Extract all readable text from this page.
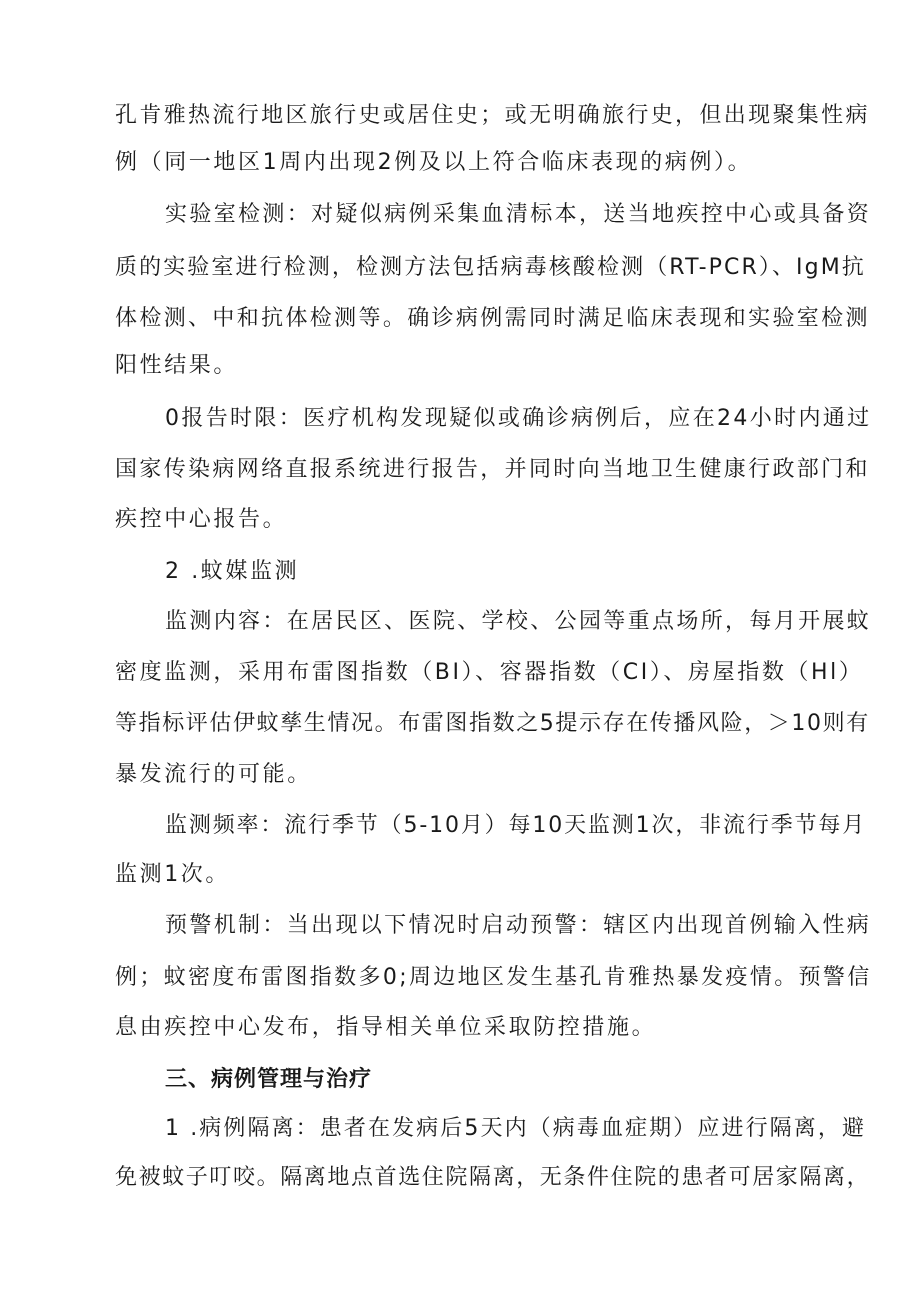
孔肯雅热流行地区旅行史或居住史；或无明确旅行史，但出现聚集性病
例（同一地区1周内出现2例及以上符合临床表现的病例）。
实验室检测：对疑似病例采集血清标本，送当地疾控中心或具备资
质的实验室进行检测，检测方法包括病毒核酸检测（RT-PCR）、IgM抗
体检测、中和抗体检测等。确诊病例需同时满足临床表现和实验室检测
阳性结果。
0报告时限：医疗机构发现疑似或确诊病例后，应在24小时内通过
国家传染病网络直报系统进行报告，并同时向当地卫生健康行政部门和
疾控中心报告。
2 .蚊媒监测
监测内容：在居民区、医院、学校、公园等重点场所，每月开展蚊
密度监测，采用布雷图指数（BI）、容器指数（CI）、房屋指数（Hl）
等指标评估伊蚊孳生情况。布雷图指数之5提示存在传播风险，＞10则有
暴发流行的可能。
监测频率：流行季节（5-10月）每10天监测1次，非流行季节每月
监测1次。
预警机制：当出现以下情况时启动预警：辖区内出现首例输入性病
例；蚊密度布雷图指数多0;周边地区发生基孔肯雅热暴发疫情。预警信
息由疾控中心发布，指导相关单位采取防控措施。
三、病例管理与治疗
1 .病例隔离：患者在发病后5天内（病毒血症期）应进行隔离，避
免被蚊子叮咬。隔离地点首选住院隔离，无条件住院的患者可居家隔离，
